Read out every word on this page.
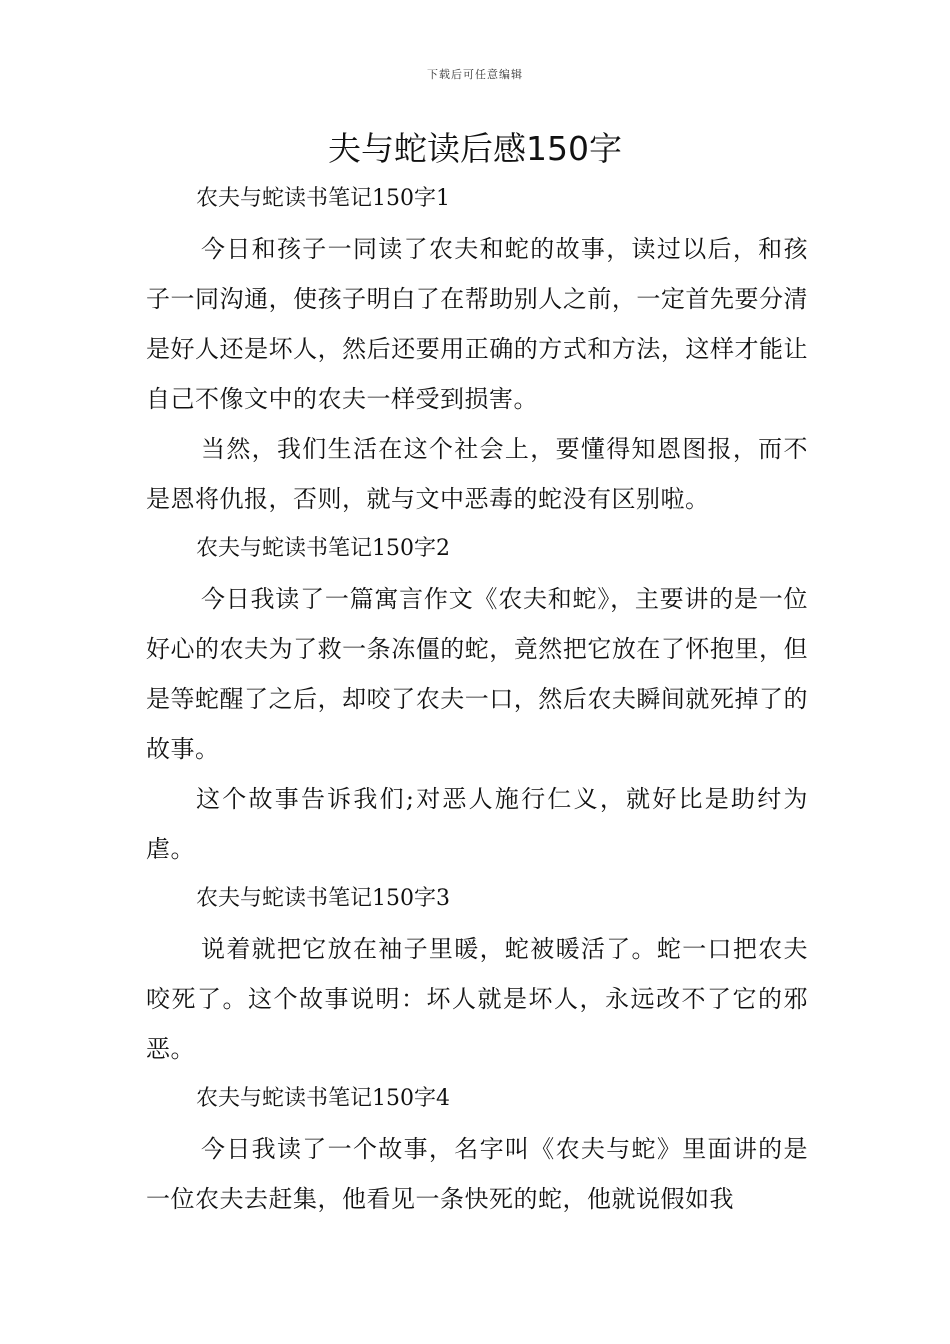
下载后可任意编辑
夫与蛇读后感150字
农夫与蛇读书笔记150字1

今日和孩子一同读了农夫和蛇的故事，读过以后，和孩子一同沟通，使孩子明白了在帮助别人之前，一定首先要分清是好人还是坏人，然后还要用正确的方式和方法，这样才能让自己不像文中的农夫一样受到损害。

当然，我们生活在这个社会上，要懂得知恩图报，而不是恩将仇报，否则，就与文中恶毒的蛇没有区别啦。

农夫与蛇读书笔记150字2

今日我读了一篇寓言作文《农夫和蛇》，主要讲的是一位好心的农夫为了救一条冻僵的蛇，竟然把它放在了怀抱里，但是等蛇醒了之后，却咬了农夫一口，然后农夫瞬间就死掉了的故事。

这个故事告诉我们;对恶人施行仁义，就好比是助纣为虐。

农夫与蛇读书笔记150字3

说着就把它放在袖子里暖，蛇被暖活了。蛇一口把农夫咬死了。这个故事说明：坏人就是坏人，永远改不了它的邪恶。

农夫与蛇读书笔记150字4

今日我读了一个故事，名字叫《农夫与蛇》里面讲的是一位农夫去赶集，他看见一条快死的蛇，他就说假如我
